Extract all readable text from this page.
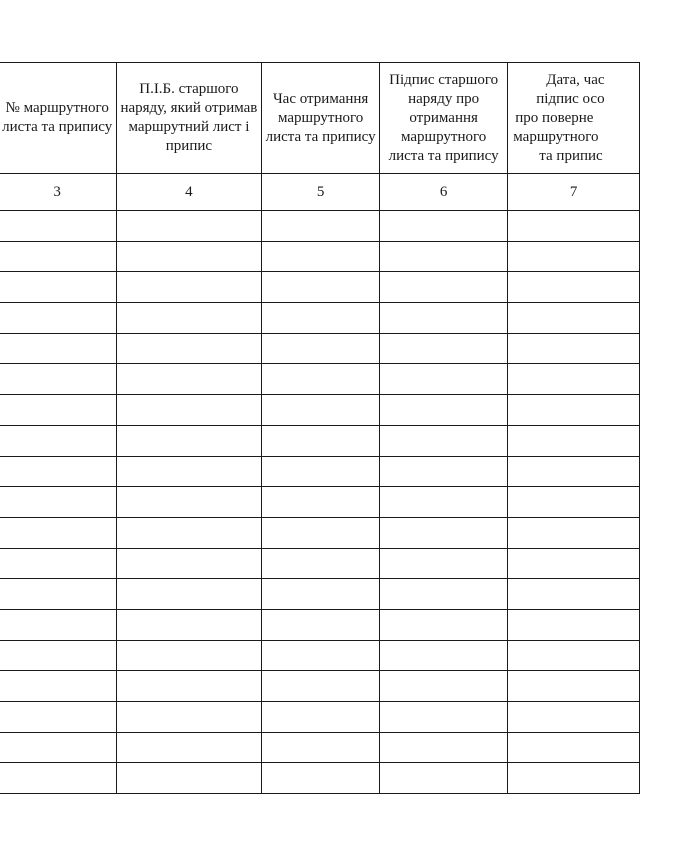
	№ маршрутного листа та припису	П.І.Б. старшого наряду, який отримав маршрутний лист і припис	Час отримання маршрутного листа та припису	Підпис старшого наряду про отримання маршрутного листа та припису	Дата, час
підпис осо
про поверне
маршрутного
та припис

	3	4	5	6	7
